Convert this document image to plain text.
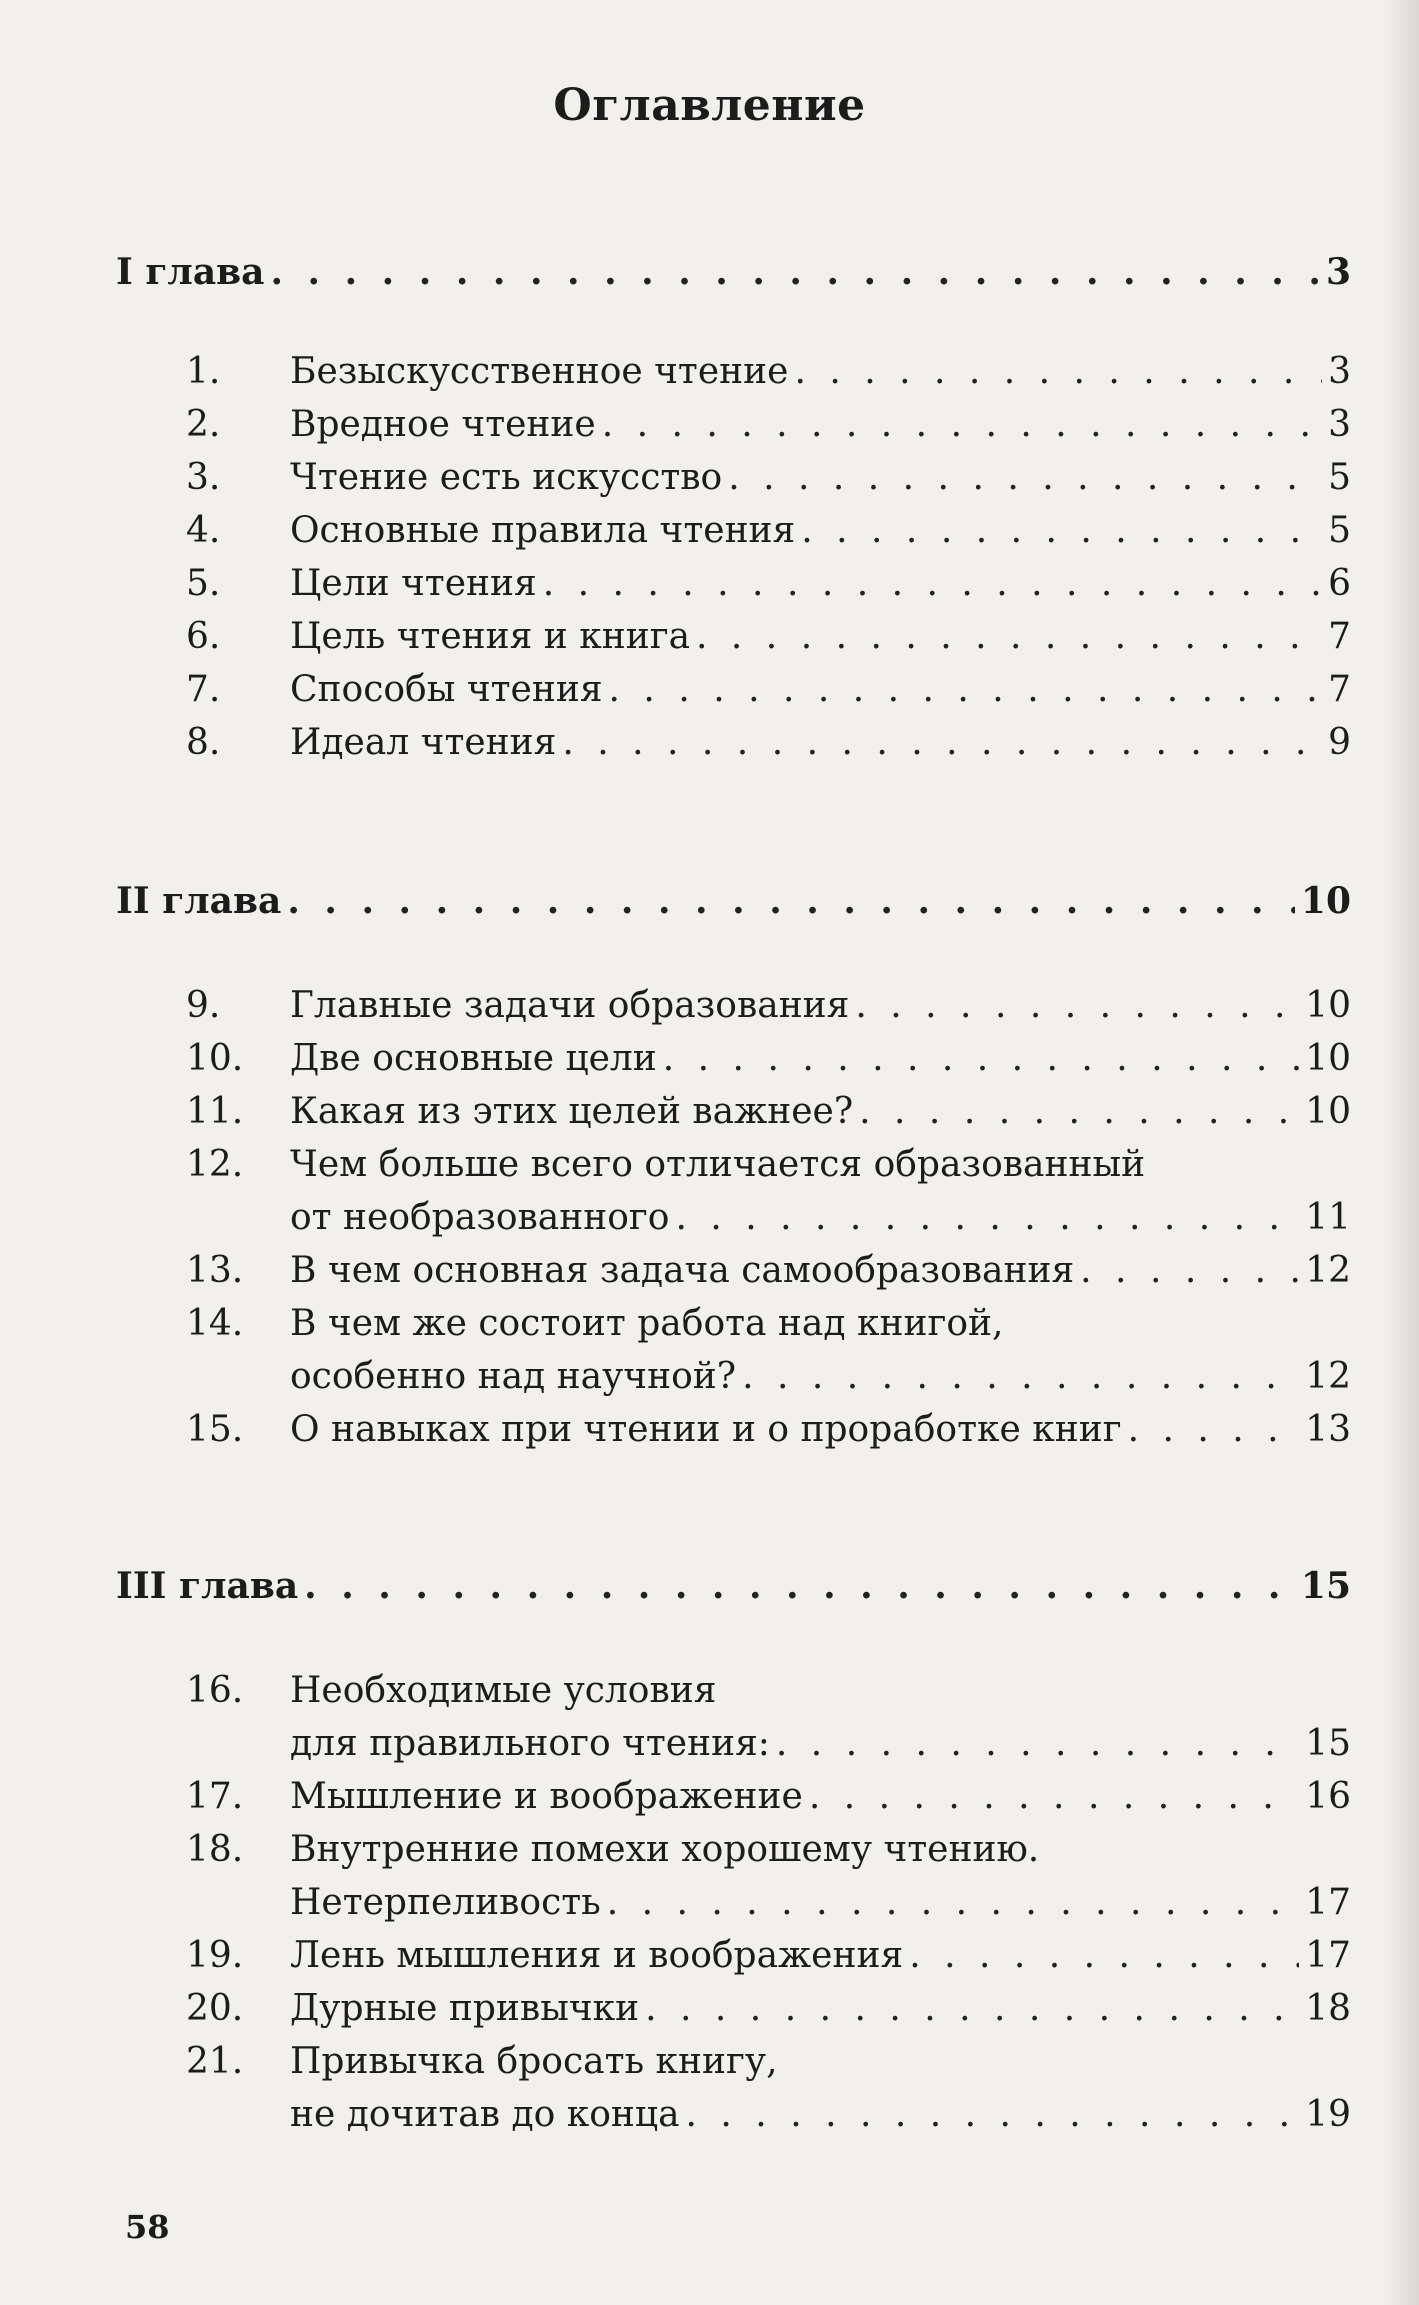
Оглавление
I глава . . .	3
1.	Безыскусственное чтение . . .	3
2.	Вредное чтение . . .	3
3.	Чтение есть искусство . . .	5
4.	Основные правила чтения . . .	5
5.	Цели чтения . . .	6
6.	Цель чтения и книга . . .	7
7.	Способы чтения . . .	7
8.	Идеал чтения . . .	9
II глава . . .	10
9.	Главные задачи образования . . .	10
10.	Две основные цели . . .	10
11.	Какая из этих целей важнее? . . .	10
12.	Чем больше всего отличается образованный
от необразованного . . .	11
13.	В чем основная задача самообразования . . .	12
14.	В чем же состоит работа над книгой,
особенно над научной? . . .	12
15.	О навыках при чтении и о проработке книг . . .	13
III глава . . .	15
16.	Необходимые условия
для правильного чтения: . . .	15
17.	Мышление и воображение . . .	16
18.	Внутренние помехи хорошему чтению.
Нетерпеливость . . .	17
19.	Лень мышления и воображения . . .	17
20.	Дурные привычки . . .	18
21.	Привычка бросать книгу,
не дочитав до конца . . .	19
58
